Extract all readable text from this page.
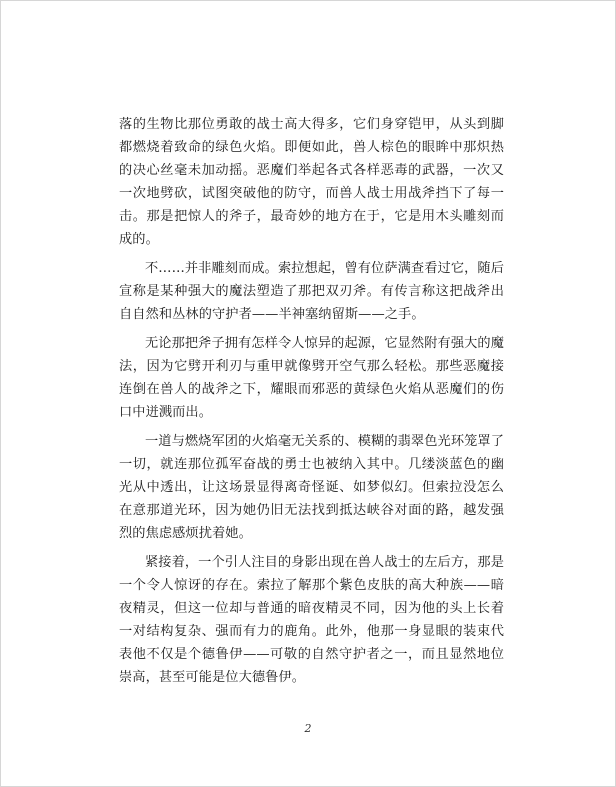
落的生物比那位勇敢的战士高大得多，它们身穿铠甲，从头到脚都燃烧着致命的绿色火焰。即便如此，兽人棕色的眼眸中那炽热的决心丝毫未加动摇。恶魔们举起各式各样恶毒的武器，一次又一次地劈砍，试图突破他的防守，而兽人战士用战斧挡下了每一击。那是把惊人的斧子，最奇妙的地方在于，它是用木头雕刻而成的。

不……并非雕刻而成。索拉想起，曾有位萨满查看过它，随后宣称是某种强大的魔法塑造了那把双刃斧。有传言称这把战斧出自自然和丛林的守护者——半神塞纳留斯——之手。

无论那把斧子拥有怎样令人惊异的起源，它显然附有强大的魔法，因为它劈开利刃与重甲就像劈开空气那么轻松。那些恶魔接连倒在兽人的战斧之下，耀眼而邪恶的黄绿色火焰从恶魔们的伤口中迸溅而出。

一道与燃烧军团的火焰毫无关系的、模糊的翡翠色光环笼罩了一切，就连那位孤军奋战的勇士也被纳入其中。几缕淡蓝色的幽光从中透出，让这场景显得离奇怪诞、如梦似幻。但索拉没怎么在意那道光环，因为她仍旧无法找到抵达峡谷对面的路，越发强烈的焦虑感烦扰着她。

紧接着，一个引人注目的身影出现在兽人战士的左后方，那是一个令人惊讶的存在。索拉了解那个紫色皮肤的高大种族——暗夜精灵，但这一位却与普通的暗夜精灵不同，因为他的头上长着一对结构复杂、强而有力的鹿角。此外，他那一身显眼的装束代表他不仅是个德鲁伊——可敬的自然守护者之一，而且显然地位崇高，甚至可能是位大德鲁伊。

2
